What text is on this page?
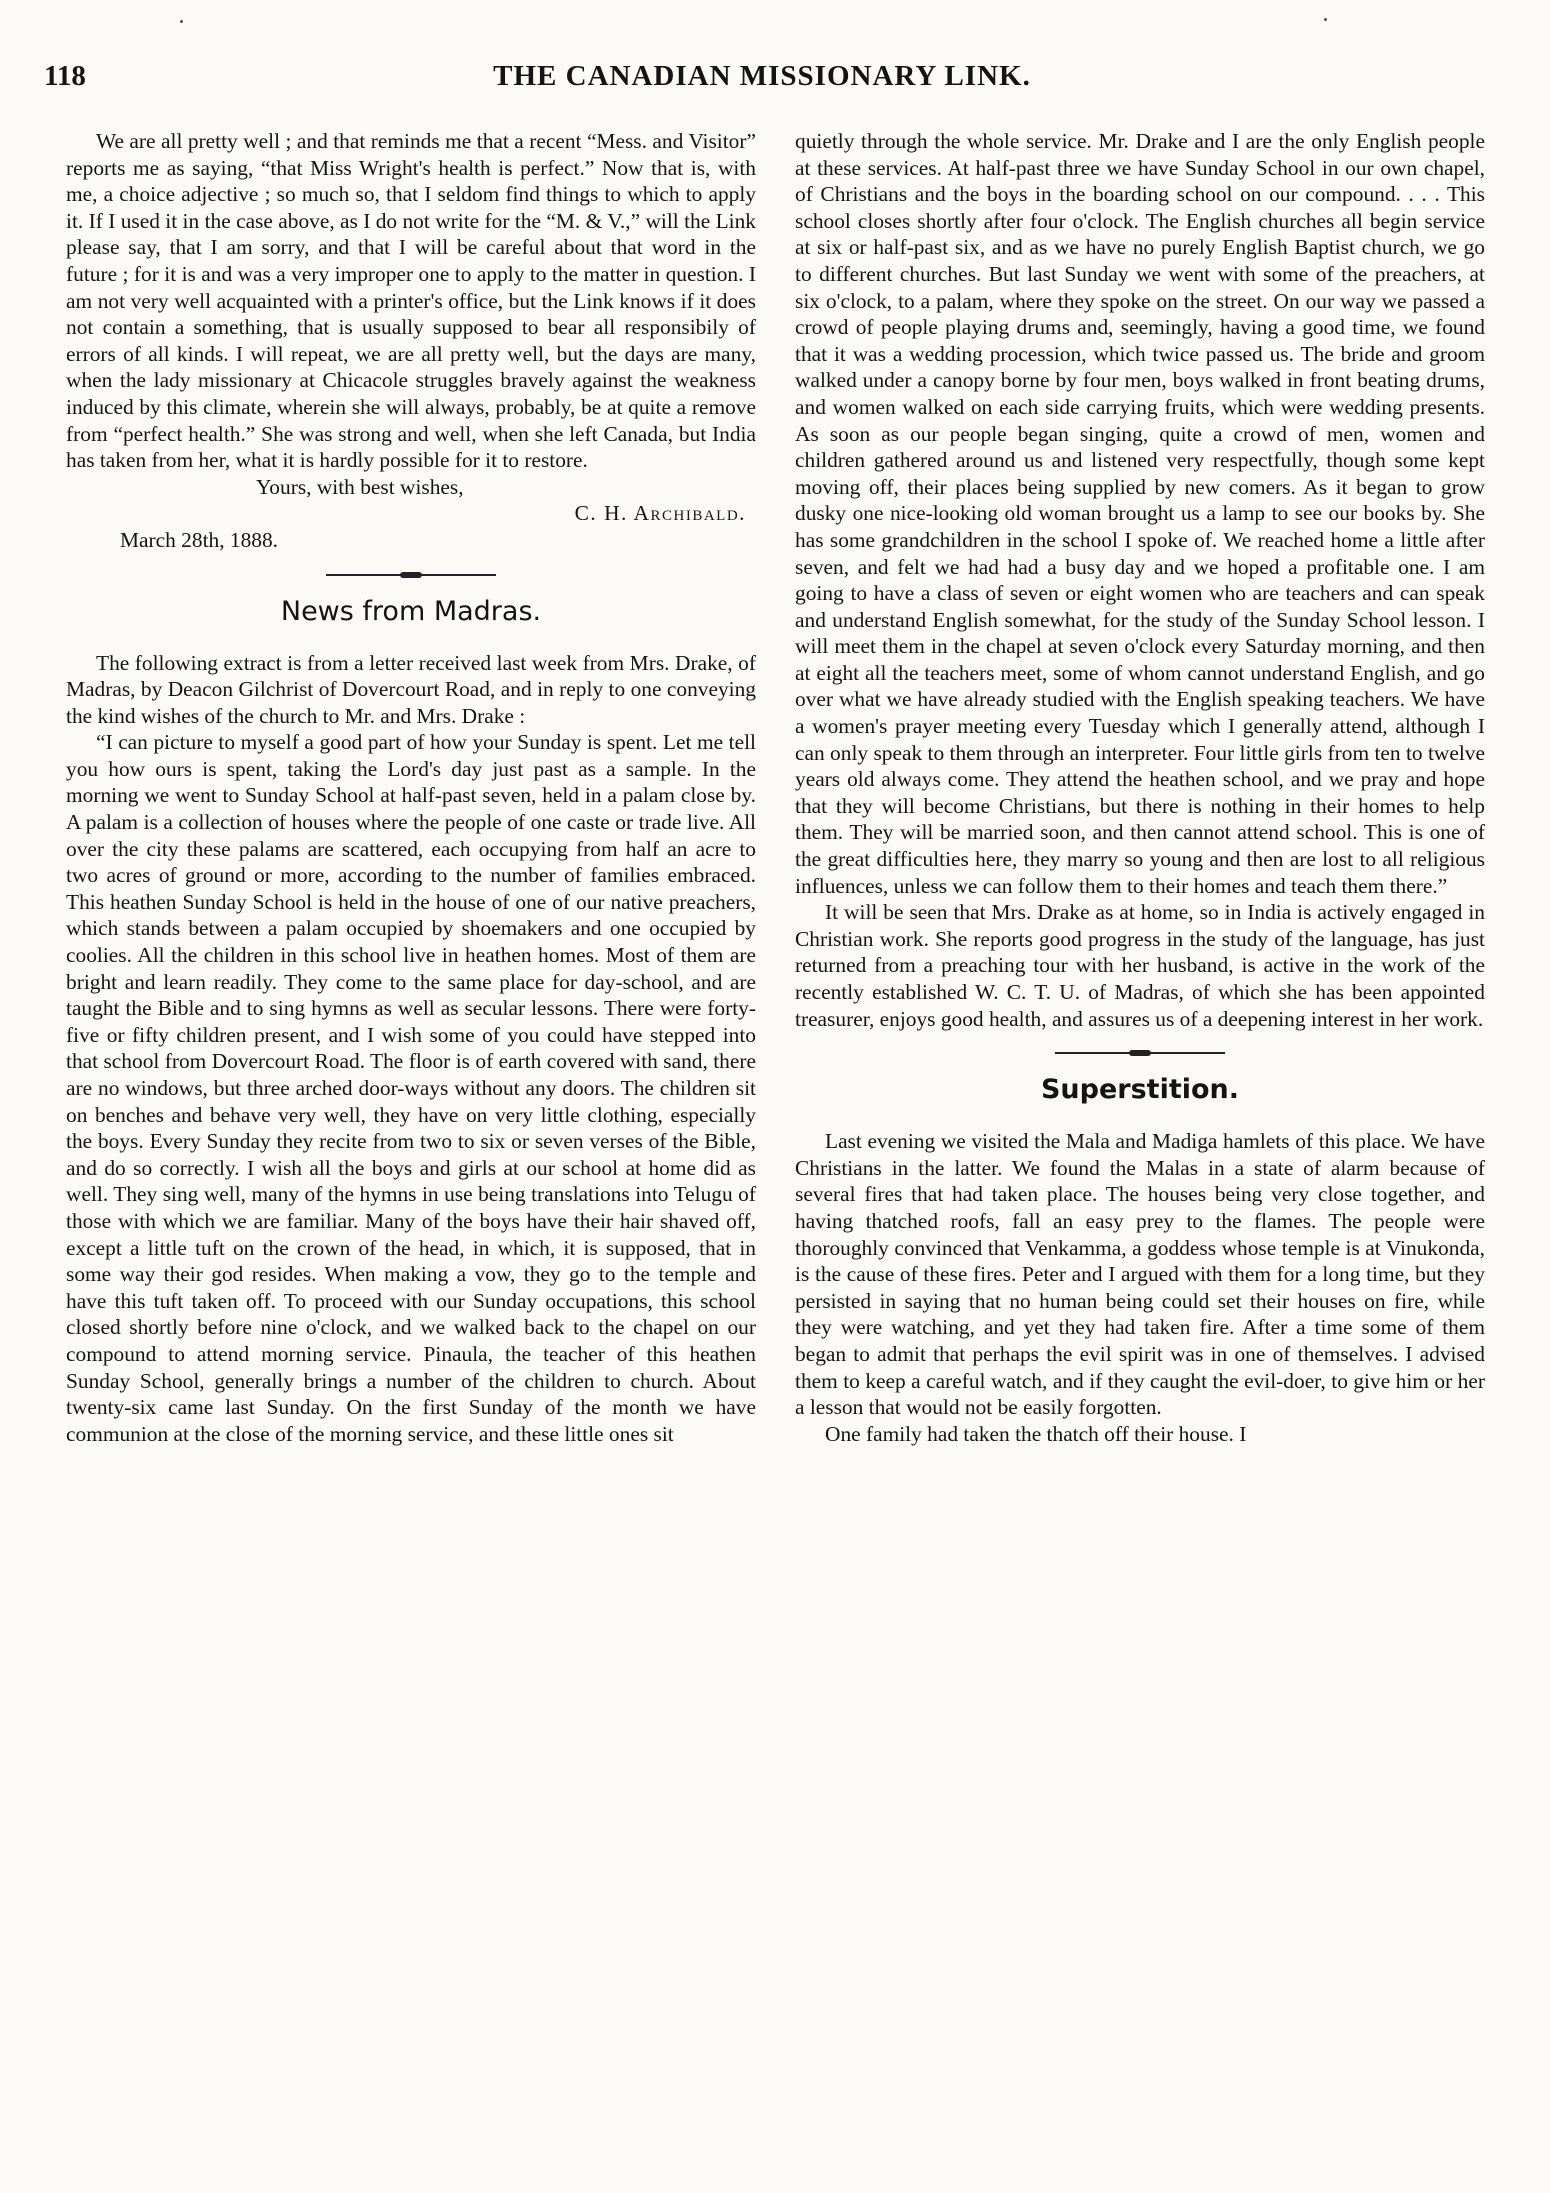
118	THE CANADIAN MISSIONARY LINK.

We are all pretty well ; and that reminds me that a recent “Mess. and Visitor” reports me as saying, “that Miss Wright's health is perfect.” Now that is, with me, a choice adjective ; so much so, that I seldom find things to which to apply it. If I used it in the case above, as I do not write for the “M. & V.,” will the Link please say, that I am sorry, and that I will be careful about that word in the future ; for it is and was a very improper one to apply to the matter in question. I am not very well acquainted with a printer's office, but the Link knows if it does not contain a something, that is usually supposed to bear all responsibily of errors of all kinds. I will repeat, we are all pretty well, but the days are many, when the lady missionary at Chicacole struggles bravely against the weakness induced by this climate, wherein she will always, probably, be at quite a remove from “perfect health.” She was strong and well, when she left Canada, but India has taken from her, what it is hardly possible for it to restore.

Yours, with best wishes,

C. H. Archibald.

March 28th, 1888.

News from Madras.

The following extract is from a letter received last week from Mrs. Drake, of Madras, by Deacon Gilchrist of Dovercourt Road, and in reply to one conveying the kind wishes of the church to Mr. and Mrs. Drake :

“I can picture to myself a good part of how your Sunday is spent. Let me tell you how ours is spent, taking the Lord's day just past as a sample. In the morning we went to Sunday School at half-past seven, held in a palam close by. A palam is a collection of houses where the people of one caste or trade live. All over the city these palams are scattered, each occupying from half an acre to two acres of ground or more, according to the number of families embraced. This heathen Sunday School is held in the house of one of our native preachers, which stands between a palam occupied by shoemakers and one occupied by coolies. All the children in this school live in heathen homes. Most of them are bright and learn readily. They come to the same place for day-school, and are taught the Bible and to sing hymns as well as secular lessons. There were forty-five or fifty children present, and I wish some of you could have stepped into that school from Dovercourt Road. The floor is of earth covered with sand, there are no windows, but three arched door-ways without any doors. The children sit on benches and behave very well, they have on very little clothing, especially the boys. Every Sunday they recite from two to six or seven verses of the Bible, and do so correctly. I wish all the boys and girls at our school at home did as well. They sing well, many of the hymns in use being translations into Telugu of those with which we are familiar. Many of the boys have their hair shaved off, except a little tuft on the crown of the head, in which, it is supposed, that in some way their god resides. When making a vow, they go to the temple and have this tuft taken off. To proceed with our Sunday occupations, this school closed shortly before nine o'clock, and we walked back to the chapel on our compound to attend morning service. Pinaula, the teacher of this heathen Sunday School, generally brings a number of the children to church. About twenty-six came last Sunday. On the first Sunday of the month we have communion at the close of the morning service, and these little ones sit

quietly through the whole service. Mr. Drake and I are the only English people at these services. At half-past three we have Sunday School in our own chapel, of Christians and the boys in the boarding school on our compound. . . . This school closes shortly after four o'clock. The English churches all begin service at six or half-past six, and as we have no purely English Baptist church, we go to different churches. But last Sunday we went with some of the preachers, at six o'clock, to a palam, where they spoke on the street. On our way we passed a crowd of people playing drums and, seemingly, having a good time, we found that it was a wedding procession, which twice passed us. The bride and groom walked under a canopy borne by four men, boys walked in front beating drums, and women walked on each side carrying fruits, which were wedding presents. As soon as our people began singing, quite a crowd of men, women and children gathered around us and listened very respectfully, though some kept moving off, their places being supplied by new comers. As it began to grow dusky one nice-looking old woman brought us a lamp to see our books by. She has some grandchildren in the school I spoke of. We reached home a little after seven, and felt we had had a busy day and we hoped a profitable one. I am going to have a class of seven or eight women who are teachers and can speak and understand English somewhat, for the study of the Sunday School lesson. I will meet them in the chapel at seven o'clock every Saturday morning, and then at eight all the teachers meet, some of whom cannot understand English, and go over what we have already studied with the English speaking teachers. We have a women's prayer meeting every Tuesday which I generally attend, although I can only speak to them through an interpreter. Four little girls from ten to twelve years old always come. They attend the heathen school, and we pray and hope that they will become Christians, but there is nothing in their homes to help them. They will be married soon, and then cannot attend school. This is one of the great difficulties here, they marry so young and then are lost to all religious influences, unless we can follow them to their homes and teach them there.”

It will be seen that Mrs. Drake as at home, so in India is actively engaged in Christian work. She reports good progress in the study of the language, has just returned from a preaching tour with her husband, is active in the work of the recently established W. C. T. U. of Madras, of which she has been appointed treasurer, enjoys good health, and assures us of a deepening interest in her work.

Superstition.

Last evening we visited the Mala and Madiga hamlets of this place. We have Christians in the latter. We found the Malas in a state of alarm because of several fires that had taken place. The houses being very close together, and having thatched roofs, fall an easy prey to the flames. The people were thoroughly convinced that Venkamma, a goddess whose temple is at Vinukonda, is the cause of these fires. Peter and I argued with them for a long time, but they persisted in saying that no human being could set their houses on fire, while they were watching, and yet they had taken fire. After a time some of them began to admit that perhaps the evil spirit was in one of themselves. I advised them to keep a careful watch, and if they caught the evil-doer, to give him or her a lesson that would not be easily forgotten.

One family had taken the thatch off their house. I
